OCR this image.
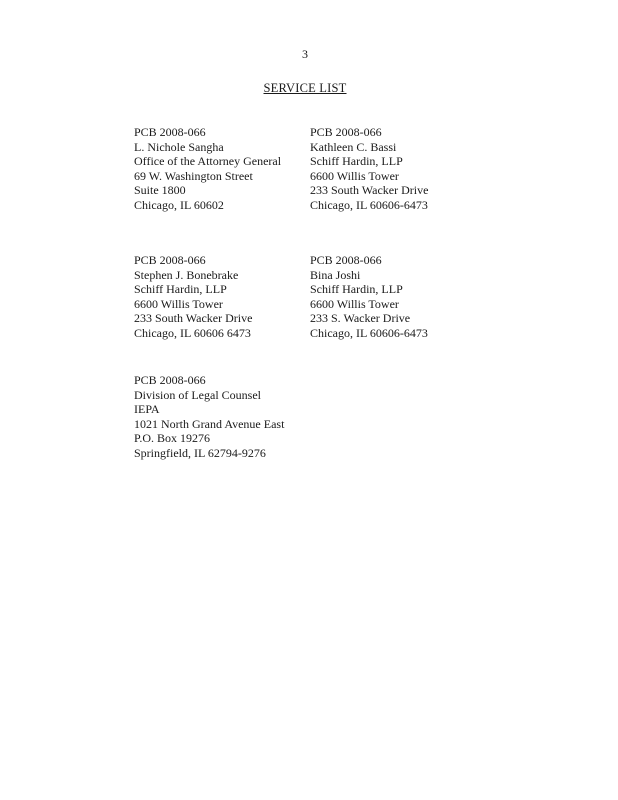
3
SERVICE LIST
PCB 2008-066
L. Nichole Sangha
Office of the Attorney General
69 W. Washington Street
Suite 1800
Chicago, IL 60602
PCB 2008-066
Kathleen C. Bassi
Schiff Hardin, LLP
6600 Willis Tower
233 South Wacker Drive
Chicago, IL 60606-6473
PCB 2008-066
Stephen J. Bonebrake
Schiff Hardin, LLP
6600 Willis Tower
233 South Wacker Drive
Chicago, IL 60606 6473
PCB 2008-066
Bina Joshi
Schiff Hardin, LLP
6600 Willis Tower
233 S. Wacker Drive
Chicago, IL 60606-6473
PCB 2008-066
Division of Legal Counsel
IEPA
1021 North Grand Avenue East
P.O. Box 19276
Springfield, IL 62794-9276
